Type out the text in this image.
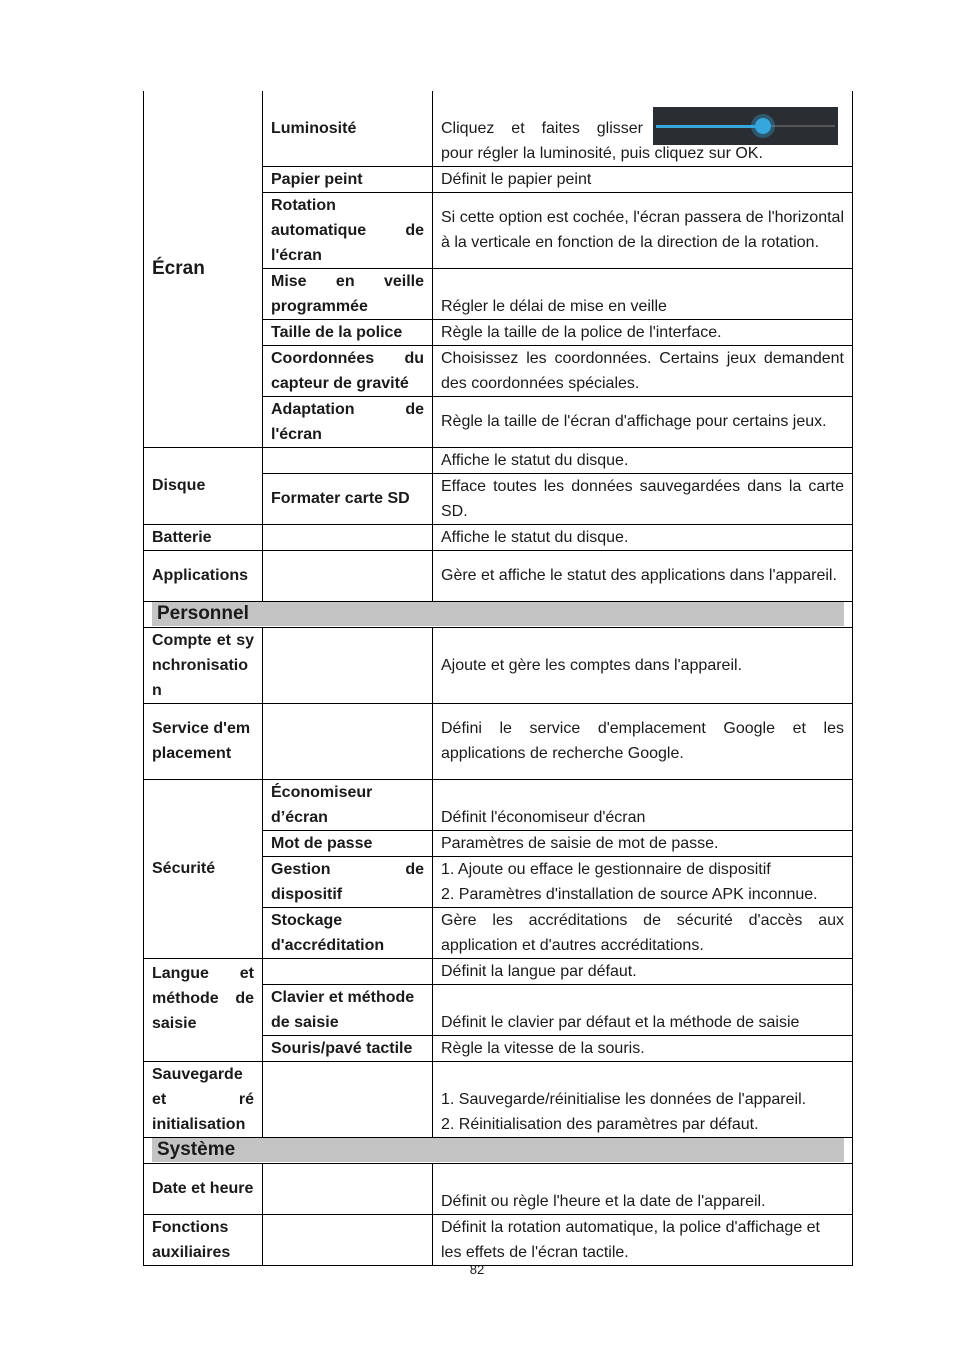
Écran	Luminosité	Cliquez et faites glisser
pour régler la luminosité, puis cliquez sur OK.

	Papier peint	Définit le papier peint
	Rotation automatique de l'écran	Si cette option est cochée, l'écran passera de l'horizontal à la verticale en fonction de la direction de la rotation.
	Mise en veille programmée	Régler le délai de mise en veille
	Taille de la police	Règle la taille de la police de l'interface.
	Coordonnées du capteur de gravité	Choisissez les coordonnées. Certains jeux demandent des coordonnées spéciales.
	Adaptation de l'écran	Règle la taille de l'écran d'affichage pour certains jeux.
Disque		Affiche le statut du disque.
	Formater carte SD	Efface toutes les données sauvegardées dans la carte SD.
Batterie		Affiche le statut du disque.
Applications		Gère et affiche le statut des applications dans l'appareil.

Personnel		

Compte et synchronisation		Ajoute et gère les comptes dans l'appareil.
Service d'emplacement		Défini le service d'emplacement Google et les applications de recherche Google.
Sécurité	Économiseur d’écran	Définit l'économiseur d'écran
	Mot de passe	Paramètres de saisie de mot de passe.
	Gestion de dispositif	1. Ajoute ou efface le gestionnaire de dispositif
2. Paramètres d'installation de source APK inconnue.

	Stockage d'accréditation	Gère les accréditations de sécurité d'accès aux application et d'autres accréditations.
Langue et méthode de saisie		Définit la langue par défaut.
	Clavier et méthode de saisie	Définit le clavier par défaut et la méthode de saisie
	Souris/pavé tactile	Règle la vitesse de la souris.
Sauvegarde et ré initialisation		1. Sauvegarde/réinitialise les données de l'appareil.
2. Réinitialisation des paramètres par défaut.

Système		

Date et heure		Définit ou règle l'heure et la date de l'appareil.
Fonctions auxiliaires		Définit la rotation automatique, la police d'affichage et les effets de l'écran tactile.
82
